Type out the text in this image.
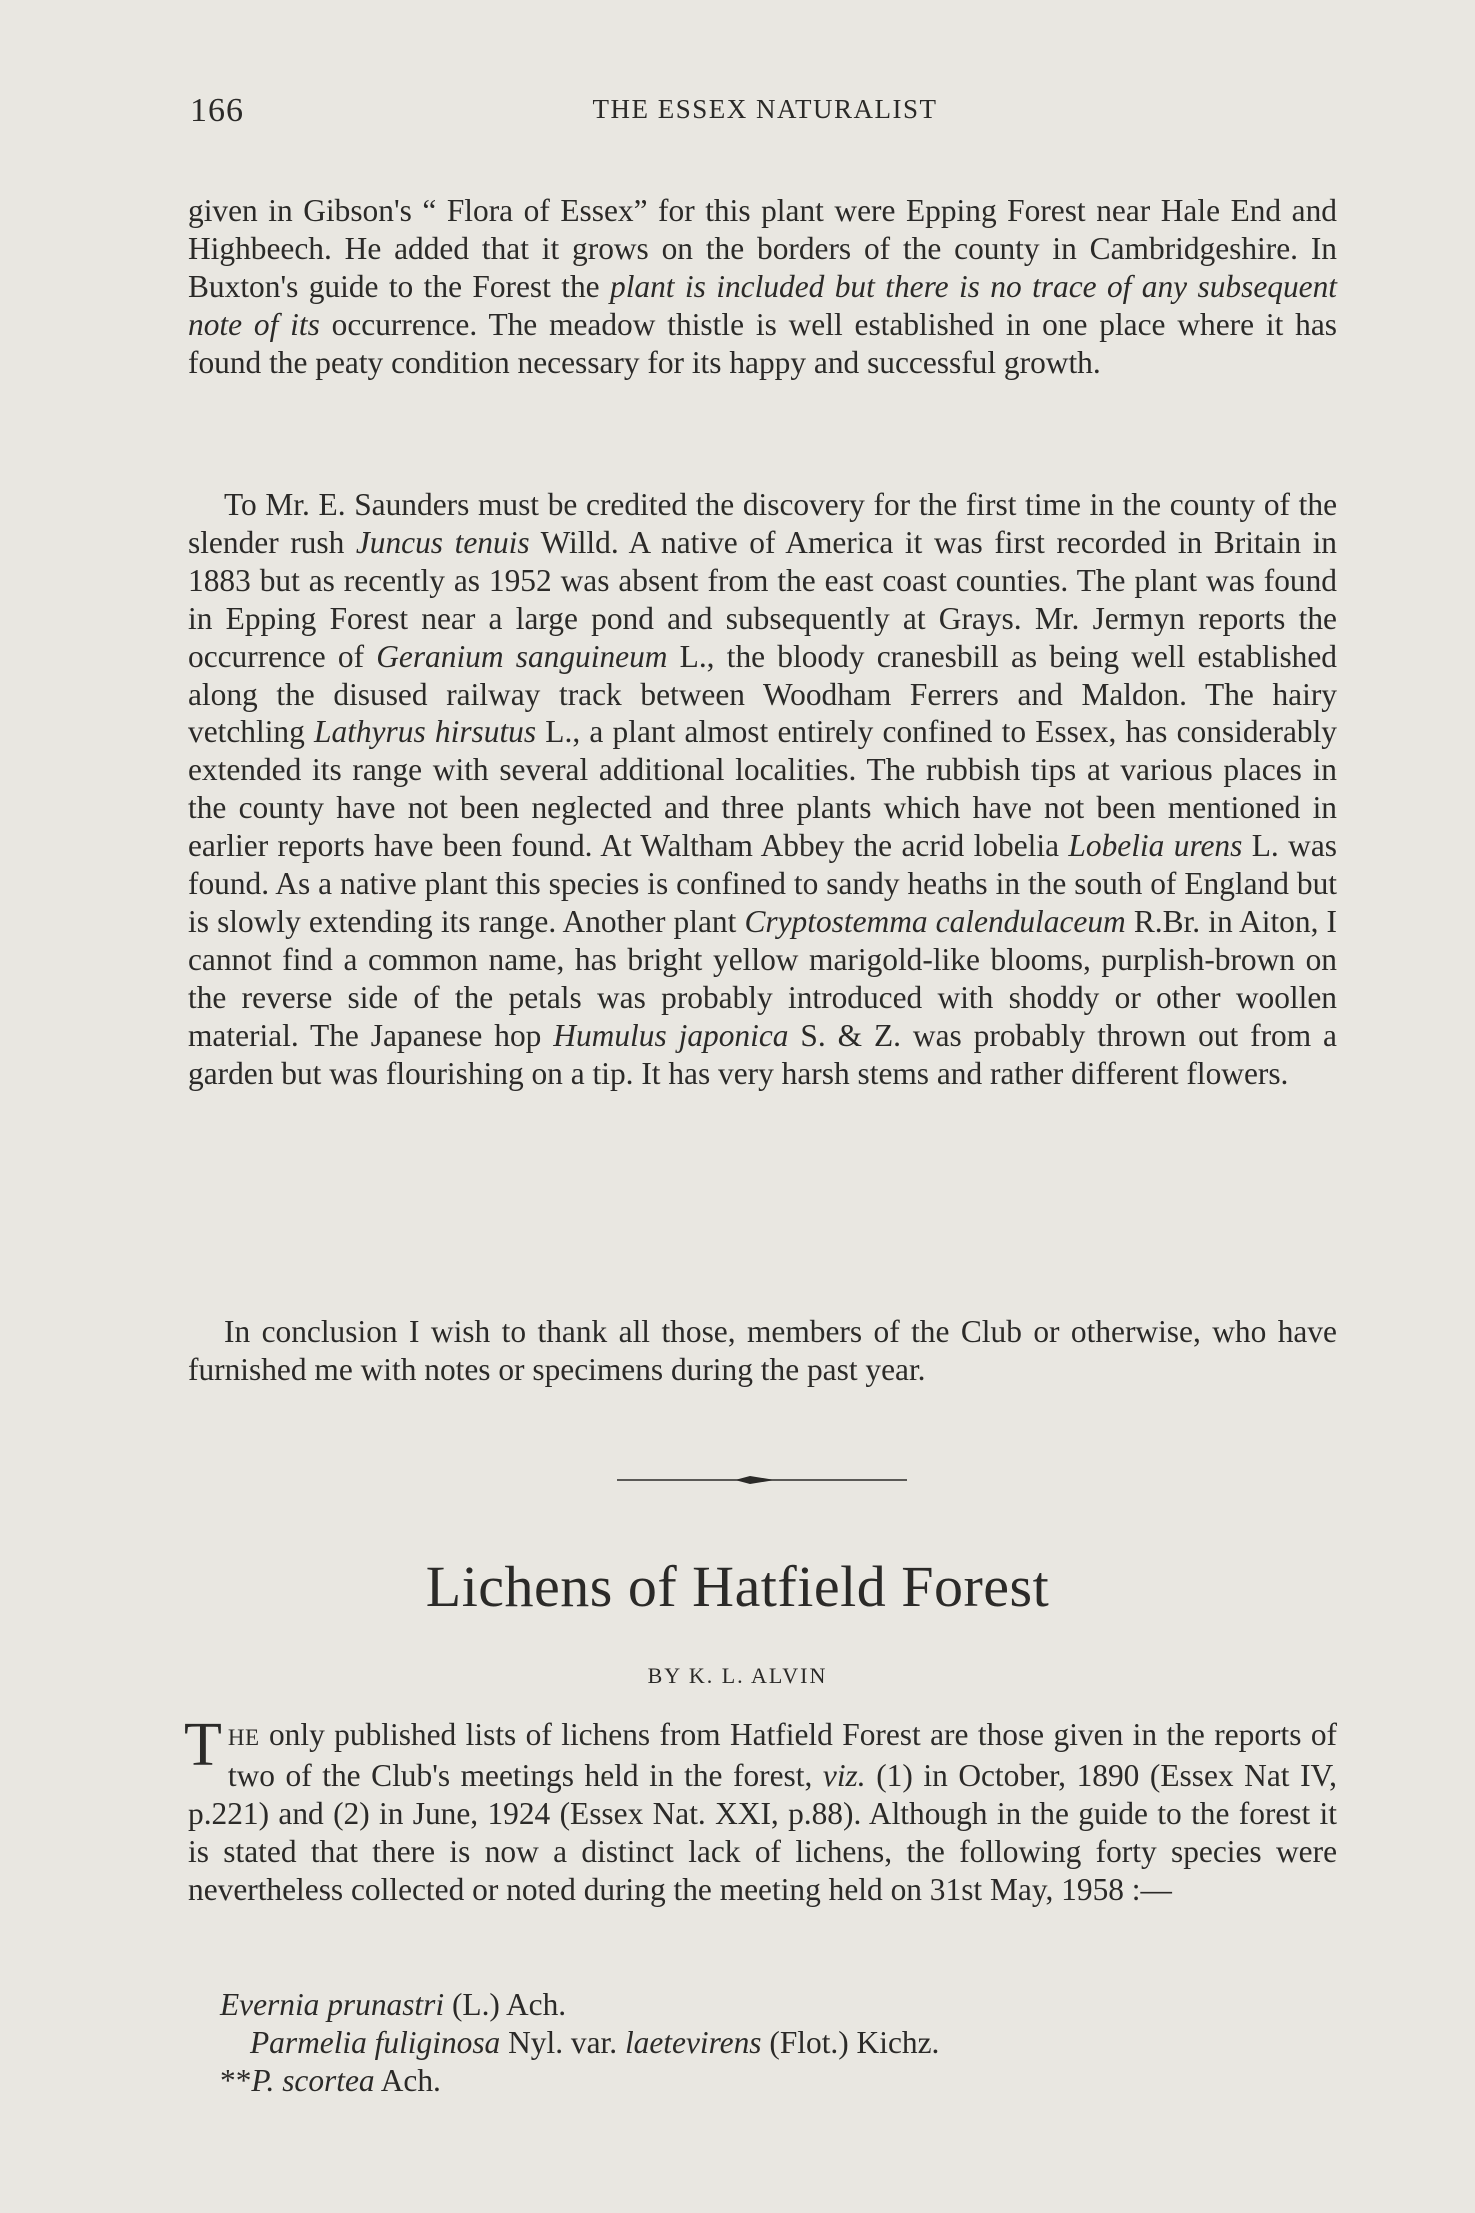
166	THE ESSEX NATURALIST

given in Gibson's “ Flora of Essex” for this plant were Epping Forest near Hale End and Highbeech. He added that it grows on the borders of the county in Cambridgeshire. In Buxton's guide to the Forest the plant is included but there is no trace of any subsequent note of its occurrence. The meadow thistle is well established in one place where it has found the peaty condition necessary for its happy and successful growth.

To Mr. E. Saunders must be credited the discovery for the first time in the county of the slender rush Juncus tenuis Willd. A native of America it was first recorded in Britain in 1883 but as recently as 1952 was absent from the east coast counties. The plant was found in Epping Forest near a large pond and subsequently at Grays. Mr. Jermyn reports the occurrence of Geranium sanguineum L., the bloody cranesbill as being well established along the disused railway track between Woodham Ferrers and Maldon. The hairy vetchling Lathyrus hirsutus L., a plant almost entirely confined to Essex, has considerably extended its range with several additional localities. The rubbish tips at various places in the county have not been neglected and three plants which have not been mentioned in earlier reports have been found. At Waltham Abbey the acrid lobelia Lobelia urens L. was found. As a native plant this species is confined to sandy heaths in the south of England but is slowly extending its range. Another plant Cryptostemma calendulaceum R.Br. in Aiton, I cannot find a common name, has bright yellow marigold-like blooms, purplish-brown on the reverse side of the petals was probably introduced with shoddy or other woollen material. The Japanese hop Humulus japonica S. & Z. was probably thrown out from a garden but was flourishing on a tip. It has very harsh stems and rather different flowers.

In conclusion I wish to thank all those, members of the Club or otherwise, who have furnished me with notes or specimens during the past year.

Lichens of Hatfield Forest
BY K. L. ALVIN

THE only published lists of lichens from Hatfield Forest are those given in the reports of two of the Club's meetings held in the forest, viz. (1) in October, 1890 (Essex Nat IV, p.221) and (2) in June, 1924 (Essex Nat. XXI, p.88). Although in the guide to the forest it is stated that there is now a distinct lack of lichens, the following forty species were nevertheless collected or noted during the meeting held on 31st May, 1958 :—

Evernia prunastri (L.) Ach.
Parmelia fuliginosa Nyl. var. laetevirens (Flot.) Kichz.
**P. scortea Ach.
